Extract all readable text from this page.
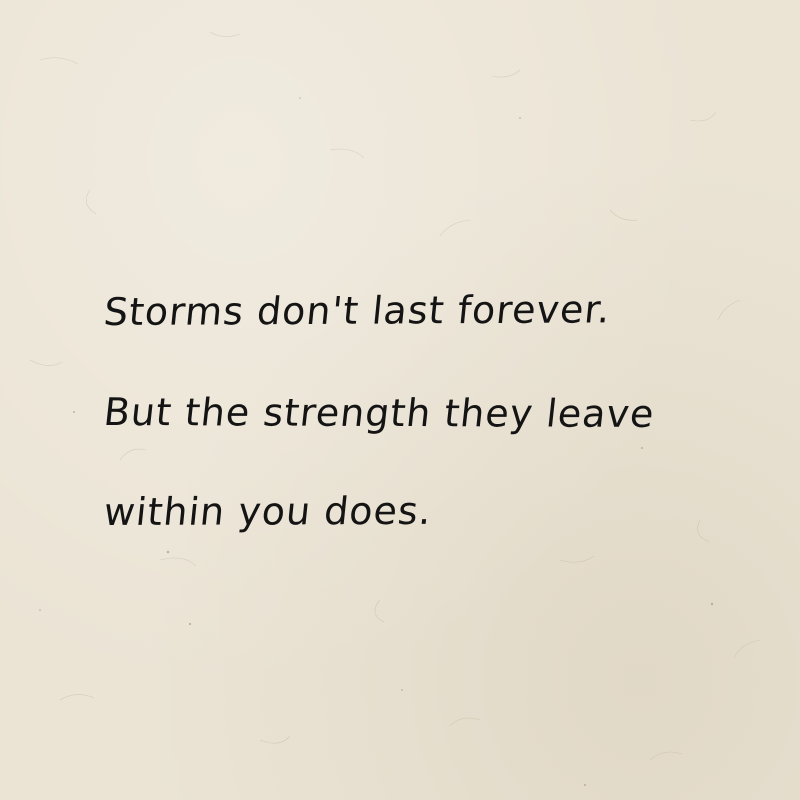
Storms don't last forever.
But the strength they leave
within you does.
